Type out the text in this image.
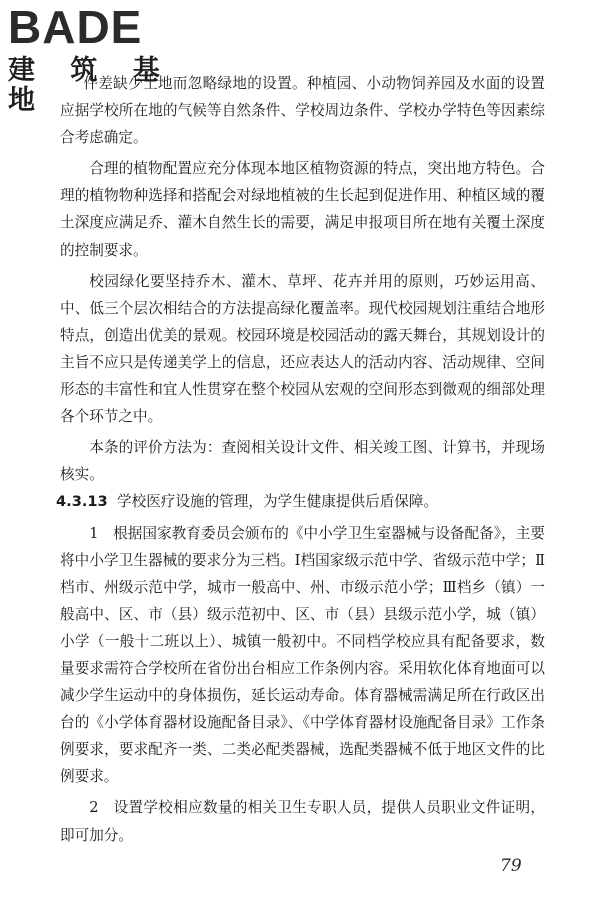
BADE
建 筑 基 地

件差缺少土地而忽略绿地的设置。种植园、小动物饲养园及水面的设置应据学校所在地的气候等自然条件、学校周边条件、学校办学特色等因素综合考虑确定。

合理的植物配置应充分体现本地区植物资源的特点，突出地方特色。合理的植物物种选择和搭配会对绿地植被的生长起到促进作用、种植区域的覆土深度应满足乔、灌木自然生长的需要，满足申报项目所在地有关覆土深度的控制要求。

校园绿化要坚持乔木、灌木、草坪、花卉并用的原则，巧妙运用高、中、低三个层次相结合的方法提高绿化覆盖率。现代校园规划注重结合地形特点，创造出优美的景观。校园环境是校园活动的露天舞台，其规划设计的主旨不应只是传递美学上的信息，还应表达人的活动内容、活动规律、空间形态的丰富性和宜人性贯穿在整个校园从宏观的空间形态到微观的细部处理各个环节之中。

本条的评价方法为：查阅相关设计文件、相关竣工图、计算书，并现场核实。

4.3.13 学校医疗设施的管理，为学生健康提供后盾保障。

1　根据国家教育委员会颁布的《中小学卫生室器械与设备配备》，主要将中小学卫生器械的要求分为三档。Ⅰ档国家级示范中学、省级示范中学；Ⅱ档市、州级示范中学，城市一般高中、州、市级示范小学；Ⅲ档乡（镇）一般高中、区、市（县）级示范初中、区、市（县）县级示范小学，城（镇）小学（一般十二班以上）、城镇一般初中。不同档学校应具有配备要求，数量要求需符合学校所在省份出台相应工作条例内容。采用软化体育地面可以减少学生运动中的身体损伤，延长运动寿命。体育器械需满足所在行政区出台的《小学体育器材设施配备目录》、《中学体育器材设施配备目录》工作条例要求，要求配齐一类、二类必配类器械，选配类器械不低于地区文件的比例要求。

2　设置学校相应数量的相关卫生专职人员，提供人员职业文件证明，即可加分。

79
